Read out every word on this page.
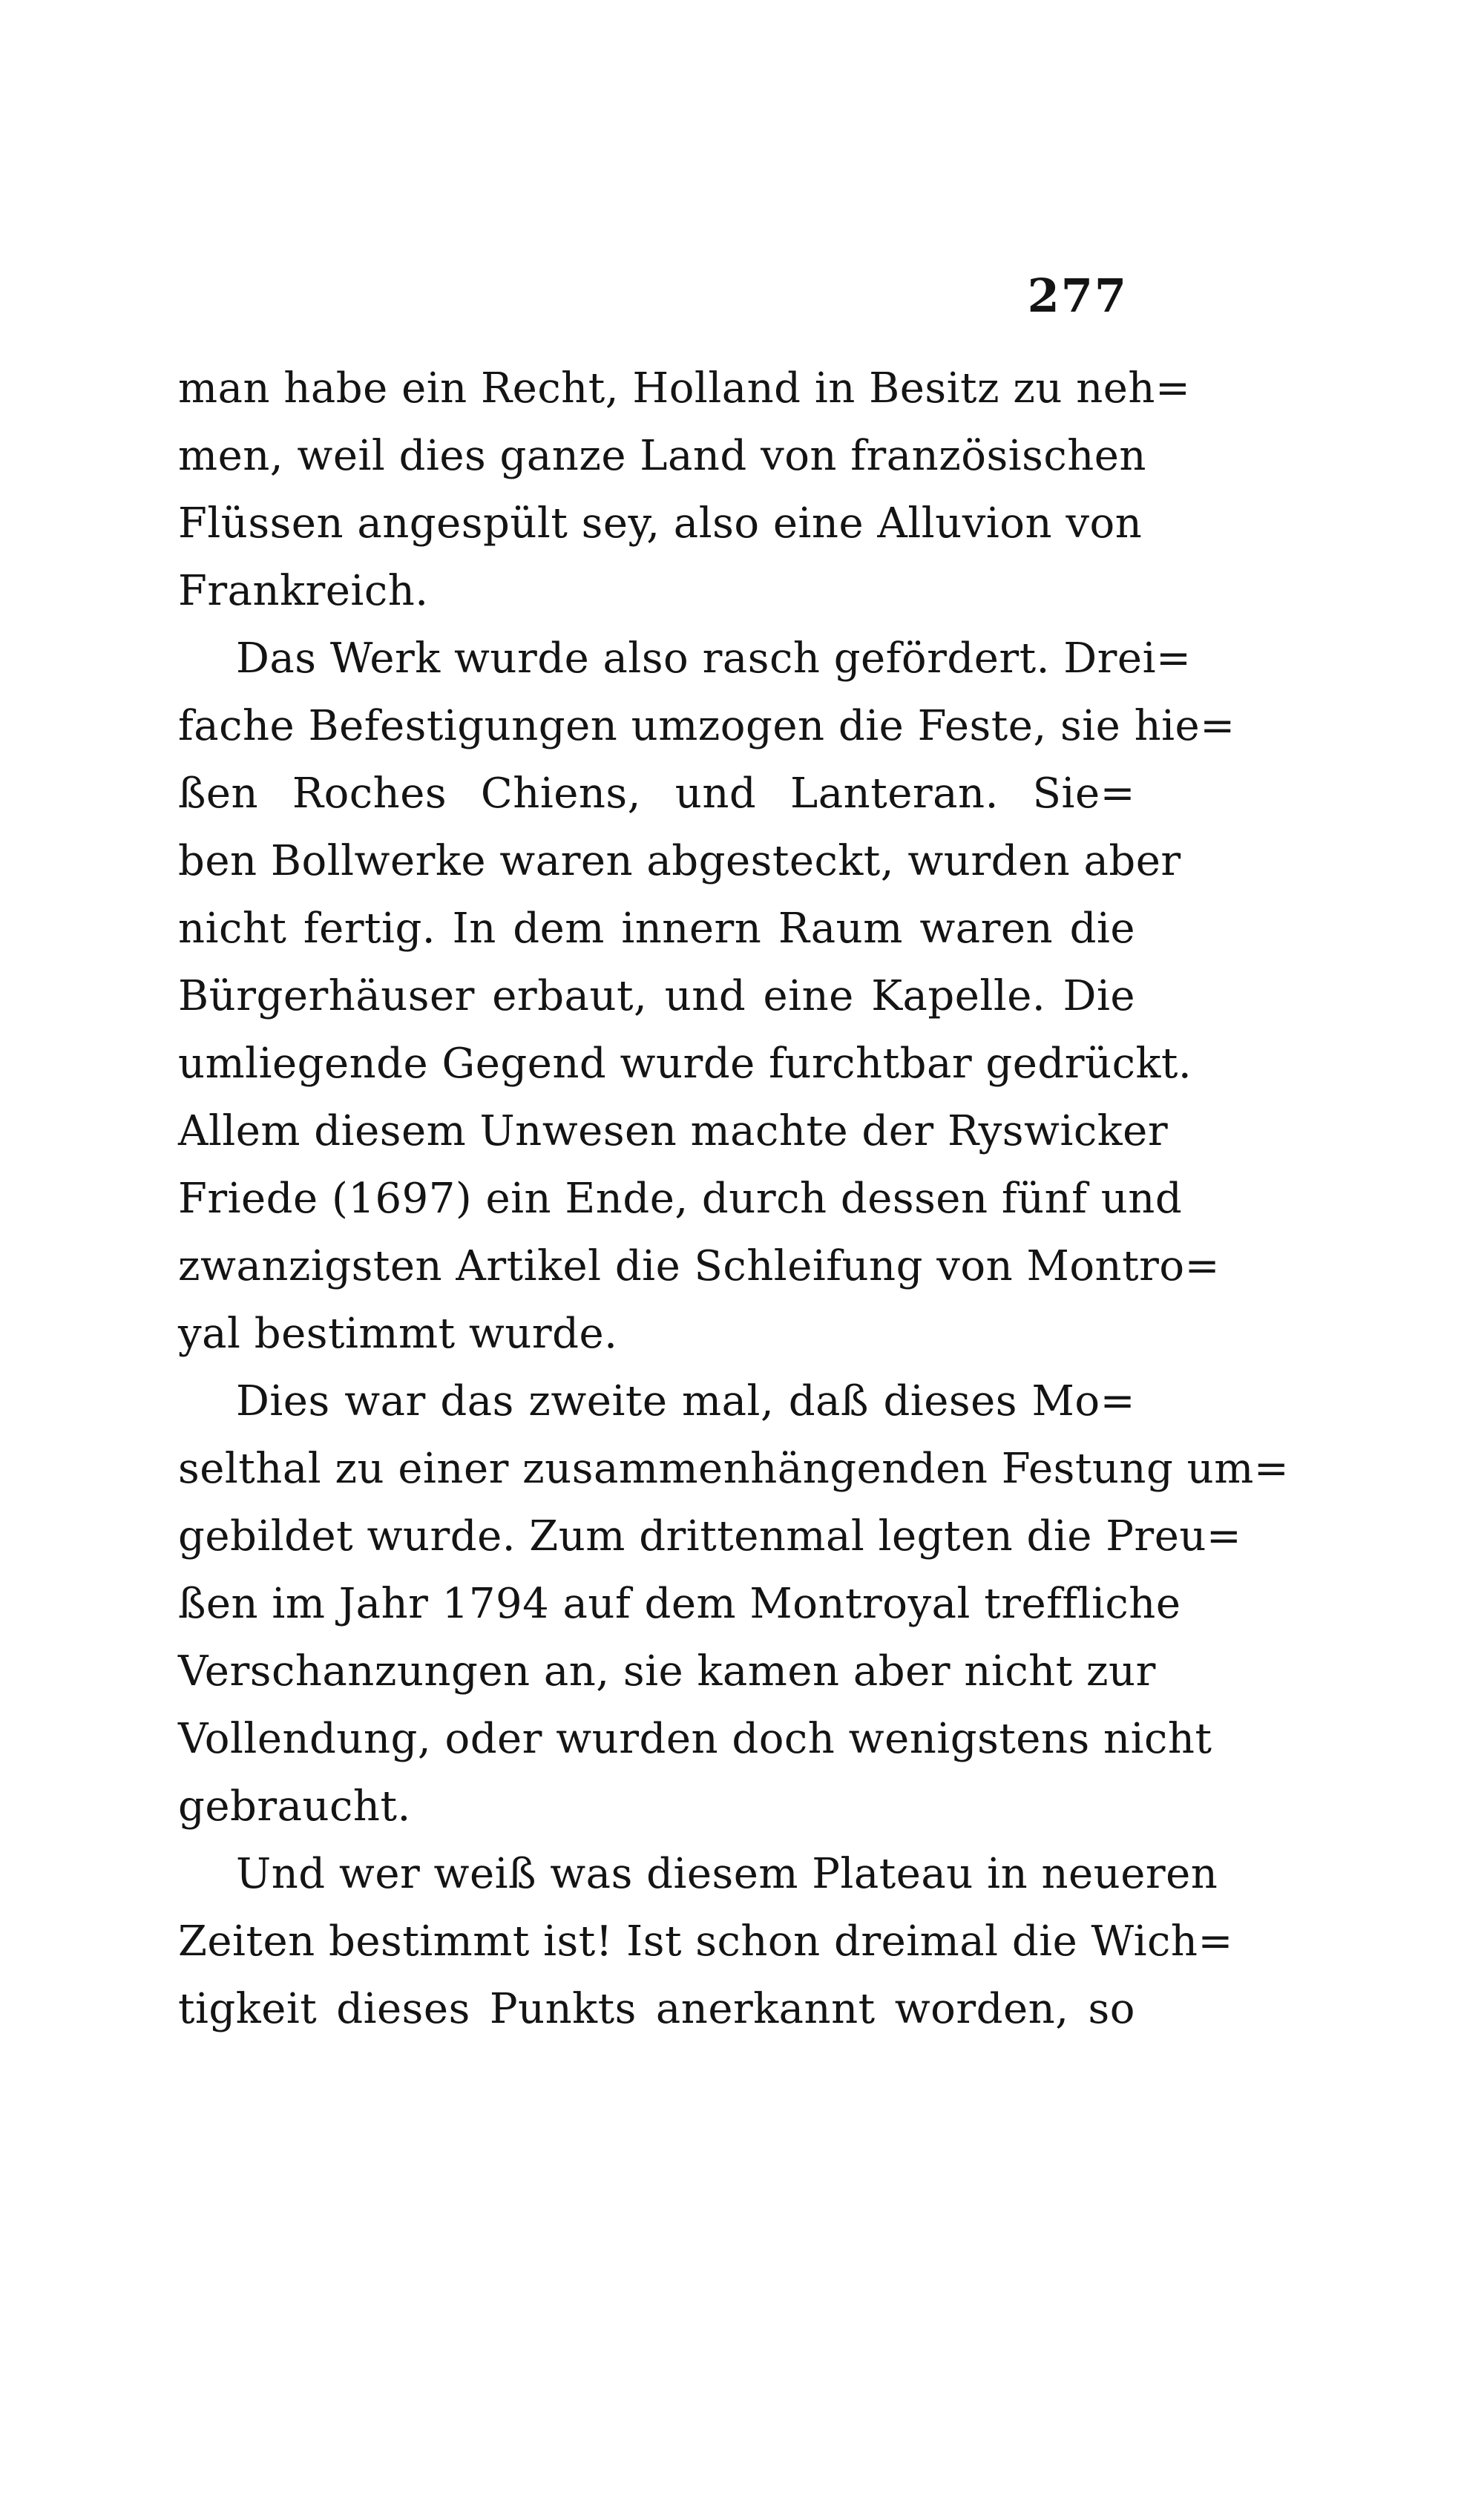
277

man habe ein Recht, Holland in Besitz zu neh=
men, weil dies ganze Land von französischen
Flüssen angespült sey, also eine Alluvion von
Frankreich.

Das Werk wurde also rasch gefördert. Drei=
fache Befestigungen umzogen die Feste, sie hie=
ßen Roches Chiens, und Lanteran. Sie=
ben Bollwerke waren abgesteckt, wurden aber
nicht fertig. In dem innern Raum waren die
Bürgerhäuser erbaut, und eine Kapelle. Die
umliegende Gegend wurde furchtbar gedrückt.
Allem diesem Unwesen machte der Ryswicker
Friede (1697) ein Ende, durch dessen fünf und
zwanzigsten Artikel die Schleifung von Montro=
yal bestimmt wurde.

Dies war das zweite mal, daß dieses Mo=
selthal zu einer zusammenhängenden Festung um=
gebildet wurde. Zum drittenmal legten die Preu=
ßen im Jahr 1794 auf dem Montroyal treffliche
Verschanzungen an, sie kamen aber nicht zur
Vollendung, oder wurden doch wenigstens nicht
gebraucht.

Und wer weiß was diesem Plateau in neueren
Zeiten bestimmt ist! Ist schon dreimal die Wich=
tigkeit dieses Punkts anerkannt worden, so
